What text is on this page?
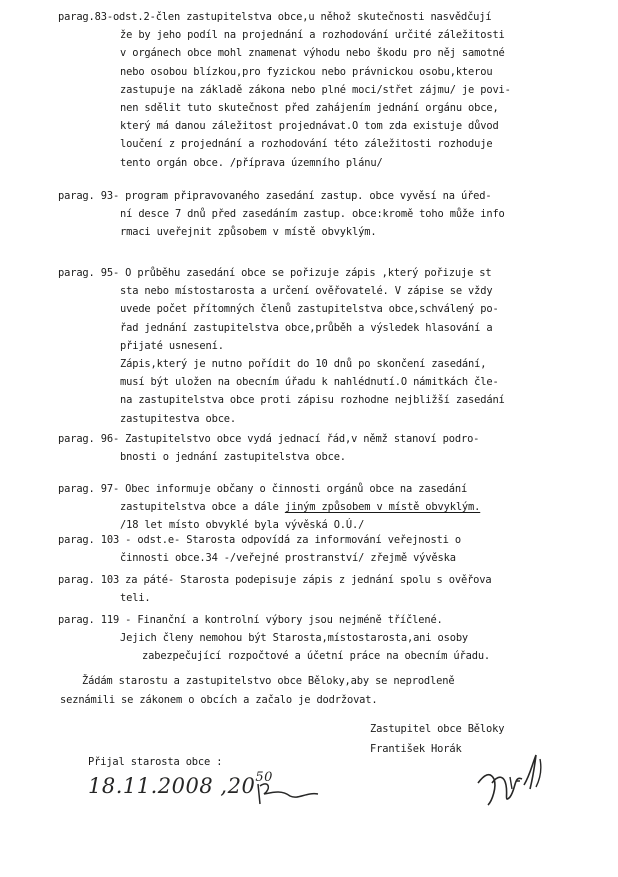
parag.83-odst.2-člen zastupitelstva obce,u něhož skutečnosti nasvědčují
že by jeho podíl na projednání a rozhodování určité záležitosti
v orgánech obce mohl znamenat výhodu nebo škodu pro něj samotné
nebo osobou blízkou,pro fyzickou nebo právnickou osobu,kterou
zastupuje na základě zákona nebo plné moci/střet zájmu/ je povi-
nen sdělit tuto skutečnost před zahájením jednání orgánu obce,
který má danou záležitost projednávat.O tom zda existuje důvod
loučení z projednání a rozhodování této záležitosti rozhoduje
tento orgán obce. /příprava územního plánu/
parag. 93- program připravovaného zasedání zastup. obce vyvěsí na úřed-
ní desce 7 dnů před zasedáním zastup. obce:kromě toho může info
rmaci uveřejnit způsobem v místě obvyklým.
parag. 95- O průběhu zasedání obce se pořizuje zápis ,který pořizuje st
sta nebo místostarosta a určení ověřovatelé. V zápise se vždy
uvede počet přítomných členů zastupitelstva obce,schválený po-
řad jednání zastupitelstva obce,průběh a výsledek hlasování a
přijaté usnesení.
Zápis,který je nutno pořídit do 10 dnů po skončení zasedání,
musí být uložen na obecním úřadu k nahlédnutí.O námitkách čle-
na zastupitelstva obce proti zápisu rozhodne nejbližší zasedání
zastupitestva obce.
parag. 96- Zastupitelstvo obce vydá jednací řád,v němž stanoví podro-
bnosti o jednání zastupitelstva obce.
parag. 97- Obec informuje občany o činnosti orgánů obce na zasedání
zastupitelstva obce a dále jiným způsobem v místě obvyklým.
/18 let místo obvyklé byla vývěská O.Ú./
parag. 103 - odst.e- Starosta odpovídá za informování veřejnosti o
činnosti obce.34 -/veřejné prostranství/ zřejmě vývěska
parag. 103 za páté- Starosta podepisuje zápis z jednání spolu s ověřova
teli.
parag. 119 - Finanční a kontrolní výbory jsou nejméně tříčlené.
Jejich členy nemohou být Starosta,místostarosta,ani osoby
zabezpečující rozpočtové a účetní práce na obecním úřadu.
Žádám starostu a zastupitelstvo obce Běloky,aby se neprodleně
seznámili se zákonem o obcích a začalo je dodržovat.
Zastupitel obce Běloky
František Horák
Přijal starosta obce :
18.11.2008 $,20^{50}$
